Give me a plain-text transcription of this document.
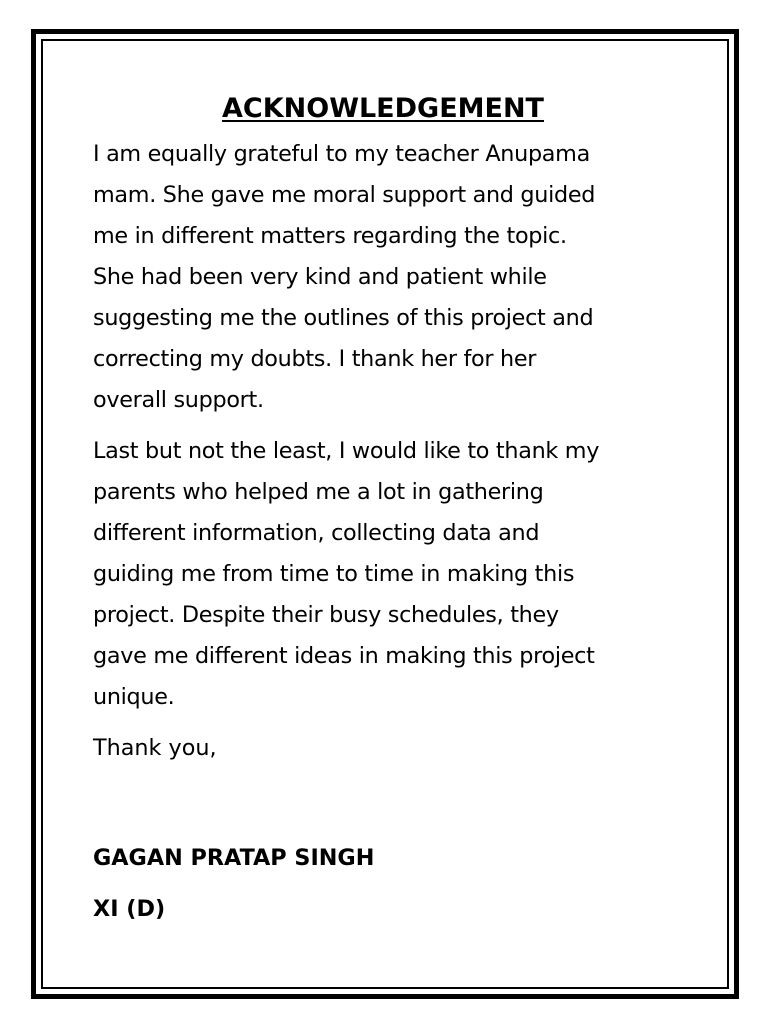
ACKNOWLEDGEMENT

I am equally grateful to my teacher Anupama
mam. She gave me moral support and guided
me in different matters regarding the topic.
She had been very kind and patient while
suggesting me the outlines of this project and
correcting my doubts. I thank her for her
overall support.

Last but not the least, I would like to thank my
parents who helped me a lot in gathering
different information, collecting data and
guiding me from time to time in making this
project. Despite their busy schedules, they
gave me different ideas in making this project
unique.

Thank you,

GAGAN PRATAP SINGH

XI (D)
